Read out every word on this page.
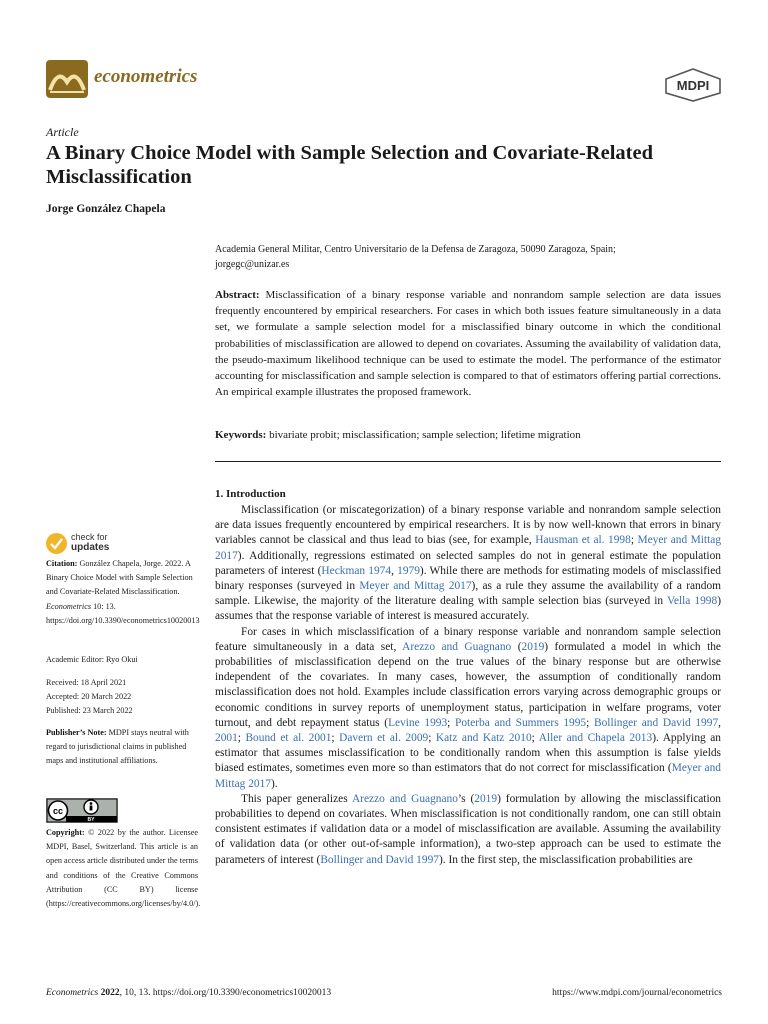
econometrics	MDPI
Article
A Binary Choice Model with Sample Selection and Covariate-Related Misclassification
Jorge González Chapela
Academia General Militar, Centro Universitario de la Defensa de Zaragoza, 50090 Zaragoza, Spain;
jorgegc@unizar.es

Abstract: Misclassification of a binary response variable and nonrandom sample selection are data issues frequently encountered by empirical researchers. For cases in which both issues feature simultaneously in a data set, we formulate a sample selection model for a misclassified binary outcome in which the conditional probabilities of misclassification are allowed to depend on covariates. Assuming the availability of validation data, the pseudo-maximum likelihood technique can be used to estimate the model. The performance of the estimator accounting for misclassification and sample selection is compared to that of estimators offering partial corrections. An empirical example illustrates the proposed framework.

Keywords: bivariate probit; misclassification; sample selection; lifetime migration

1. Introduction

Misclassification (or miscategorization) of a binary response variable and nonrandom sample selection are data issues frequently encountered by empirical researchers. It is by now well-known that errors in binary variables cannot be classical and thus lead to bias (see, for example, Hausman et al. 1998; Meyer and Mittag 2017). Additionally, regressions estimated on selected samples do not in general estimate the population parameters of interest (Heckman 1974, 1979). While there are methods for estimating models of misclassified binary responses (surveyed in Meyer and Mittag 2017), as a rule they assume the availability of a random sample. Likewise, the majority of the literature dealing with sample selection bias (surveyed in Vella 1998) assumes that the response variable of interest is measured accurately.

For cases in which misclassification of a binary response variable and nonrandom sample selection feature simultaneously in a data set, Arezzo and Guagnano (2019) formulated a model in which the probabilities of misclassification depend on the true values of the binary response but are otherwise independent of the covariates. In many cases, however, the assumption of conditionally random misclassification does not hold. Examples include classification errors varying across demographic groups or economic conditions in survey reports of unemployment status, participation in welfare programs, voter turnout, and debt repayment status (Levine 1993; Poterba and Summers 1995; Bollinger and David 1997, 2001; Bound et al. 2001; Davern et al. 2009; Katz and Katz 2010; Aller and Chapela 2013). Applying an estimator that assumes misclassification to be conditionally random when this assumption is false yields biased estimates, sometimes even more so than estimators that do not correct for misclassification (Meyer and Mittag 2017).

This paper generalizes Arezzo and Guagnano’s (2019) formulation by allowing the misclassification probabilities to depend on covariates. When misclassification is not conditionally random, one can still obtain consistent estimates if validation data or a model of misclassification are available. Assuming the availability of validation data (or other out-of-sample information), a two-step approach can be used to estimate the parameters of interest (Bollinger and David 1997). In the first step, the misclassification probabilities are

check for
updates
Citation: González Chapela, Jorge. 2022. A Binary Choice Model with Sample Selection and Covariate-Related Misclassification. Econometrics 10: 13. https://doi.org/10.3390/econometrics10020013
Academic Editor: Ryo Okui
Received: 18 April 2021
Accepted: 20 March 2022
Published: 23 March 2022
Publisher’s Note: MDPI stays neutral with regard to jurisdictional claims in published maps and institutional affiliations.
cc
BY
Copyright: © 2022 by the author. Licensee MDPI, Basel, Switzerland. This article is an open access article distributed under the terms and conditions of the Creative Commons Attribution (CC BY) license (https://creativecommons.org/licenses/by/4.0/).
Econometrics 2022, 10, 13. https://doi.org/10.3390/econometrics10020013	https://www.mdpi.com/journal/econometrics
